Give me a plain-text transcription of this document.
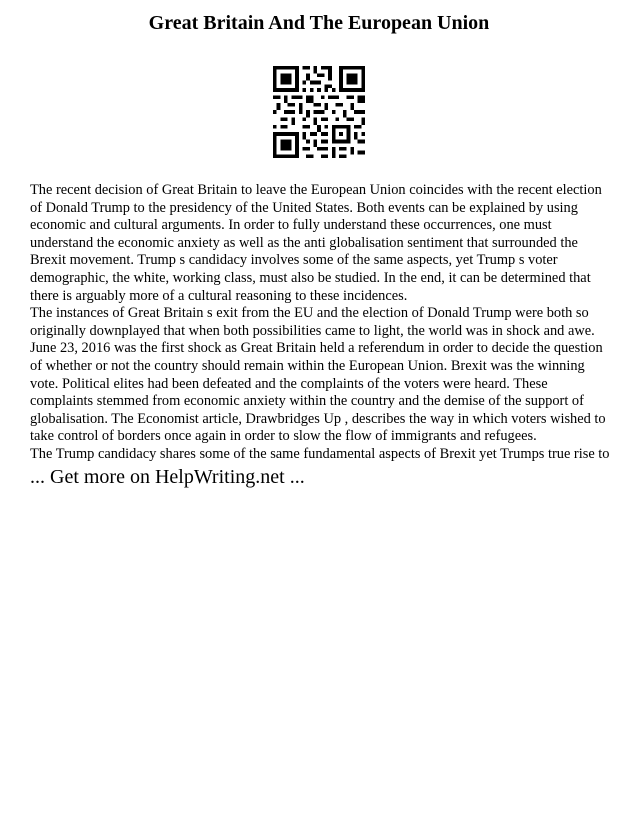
Great Britain And The European Union

The recent decision of Great Britain to leave the European Union coincides with the recent election of Donald Trump to the presidency of the United States. Both events can be explained by using economic and cultural arguments. In order to fully understand these occurrences, one must understand the economic anxiety as well as the anti globalisation sentiment that surrounded the Brexit movement. Trump s candidacy involves some of the same aspects, yet Trump s voter demographic, the white, working class, must also be studied. In the end, it can be determined that there is arguably more of a cultural reasoning to these incidences.

The instances of Great Britain s exit from the EU and the election of Donald Trump were both so originally downplayed that when both possibilities came to light, the world was in shock and awe. June 23, 2016 was the first shock as Great Britain held a referendum in order to decide the question of whether or not the country should remain within the European Union. Brexit was the winning vote. Political elites had been defeated and the complaints of the voters were heard. These complaints stemmed from economic anxiety within the country and the demise of the support of globalisation. The Economist article, Drawbridges Up , describes the way in which voters wished to take control of borders once again in order to slow the flow of immigrants and refugees.

The Trump candidacy shares some of the same fundamental aspects of Brexit yet Trumps true rise to

... Get more on HelpWriting.net ...
